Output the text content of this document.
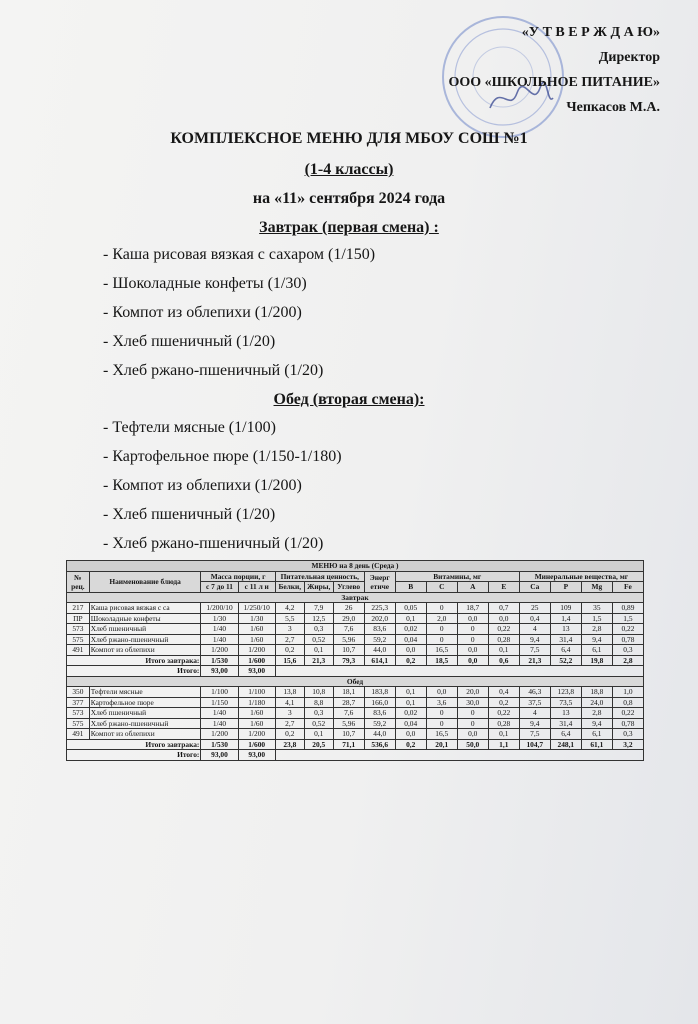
«У Т В Е Р Ж Д А Ю»
Директор
ООО «ШКОЛЬНОЕ ПИТАНИЕ»
Чепкасов М.А.
КОМПЛЕКСНОЕ МЕНЮ ДЛЯ МБОУ СОШ №1
(1-4 классы)
на «11» сентября 2024 года
Завтрак (первая смена) :
- Каша рисовая вязкая с сахаром (1/150)
- Шоколадные конфеты (1/30)
- Компот из облепихи (1/200)
- Хлеб пшеничный (1/20)
- Хлеб ржано-пшеничный (1/20)
Обед (вторая смена):
- Тефтели мясные (1/100)
- Картофельное пюре (1/150-1/180)
- Компот из облепихи (1/200)
- Хлеб пшеничный (1/20)
- Хлеб ржано-пшеничный (1/20)
МЕНЮ на 8 день (Среда )															
№ рец.	Наименование блюда	Масса порции, г		Питательная ценность,			Энерг етиче	Витамины, мг				Минеральные вещества, мг			
		с 7 до 11	с 11 л и	Белки,	Жиры,	Углево		B	C	A	E	Ca	P	Mg	Fe
Завтрак															
217	Каша рисовая вязкая с са	1/200/10	1/250/10	4,2	7,9	26	225,3	0,05	0	18,7	0,7	25	109	35	0,89
ПР	Шоколадные конфеты	1/30	1/30	5,5	12,5	29,0	202,0	0,1	2,0	0,0	0,0	0,4	1,4	1,5	1,5
573	Хлеб пшеничный	1/40	1/60	3	0,3	7,6	83,6	0,02	0	0	0,22	4	13	2,8	0,22
575	Хлеб ржано-пшеничный	1/40	1/60	2,7	0,52	5,96	59,2	0,04	0	0	0,28	9,4	31,4	9,4	0,78
491	Компот из облепихи	1/200	1/200	0,2	0,1	10,7	44,0	0,0	16,5	0,0	0,1	7,5	6,4	6,1	0,3
Итого завтрака:		1/530	1/600	15,6	21,3	79,3	614,1	0,2	18,5	0,0	0,6	21,3	52,2	19,8	2,8
Итого:		93,00	93,00												
Обед															
350	Тефтели мясные	1/100	1/100	13,8	10,8	18,1	183,8	0,1	0,0	20,0	0,4	46,3	123,8	18,8	1,0
377	Картофельное пюре	1/150	1/180	4,1	8,8	28,7	166,0	0,1	3,6	30,0	0,2	37,5	73,5	24,0	0,8
573	Хлеб пшеничный	1/40	1/60	3	0,3	7,6	83,6	0,02	0	0	0,22	4	13	2,8	0,22
575	Хлеб ржано-пшеничный	1/40	1/60	2,7	0,52	5,96	59,2	0,04	0	0	0,28	9,4	31,4	9,4	0,78
491	Компот из облепихи	1/200	1/200	0,2	0,1	10,7	44,0	0,0	16,5	0,0	0,1	7,5	6,4	6,1	0,3
Итого завтрака:		1/530	1/600	23,8	20,5	71,1	536,6	0,2	20,1	50,0	1,1	104,7	248,1	61,1	3,2
Итого:		93,00	93,00												
